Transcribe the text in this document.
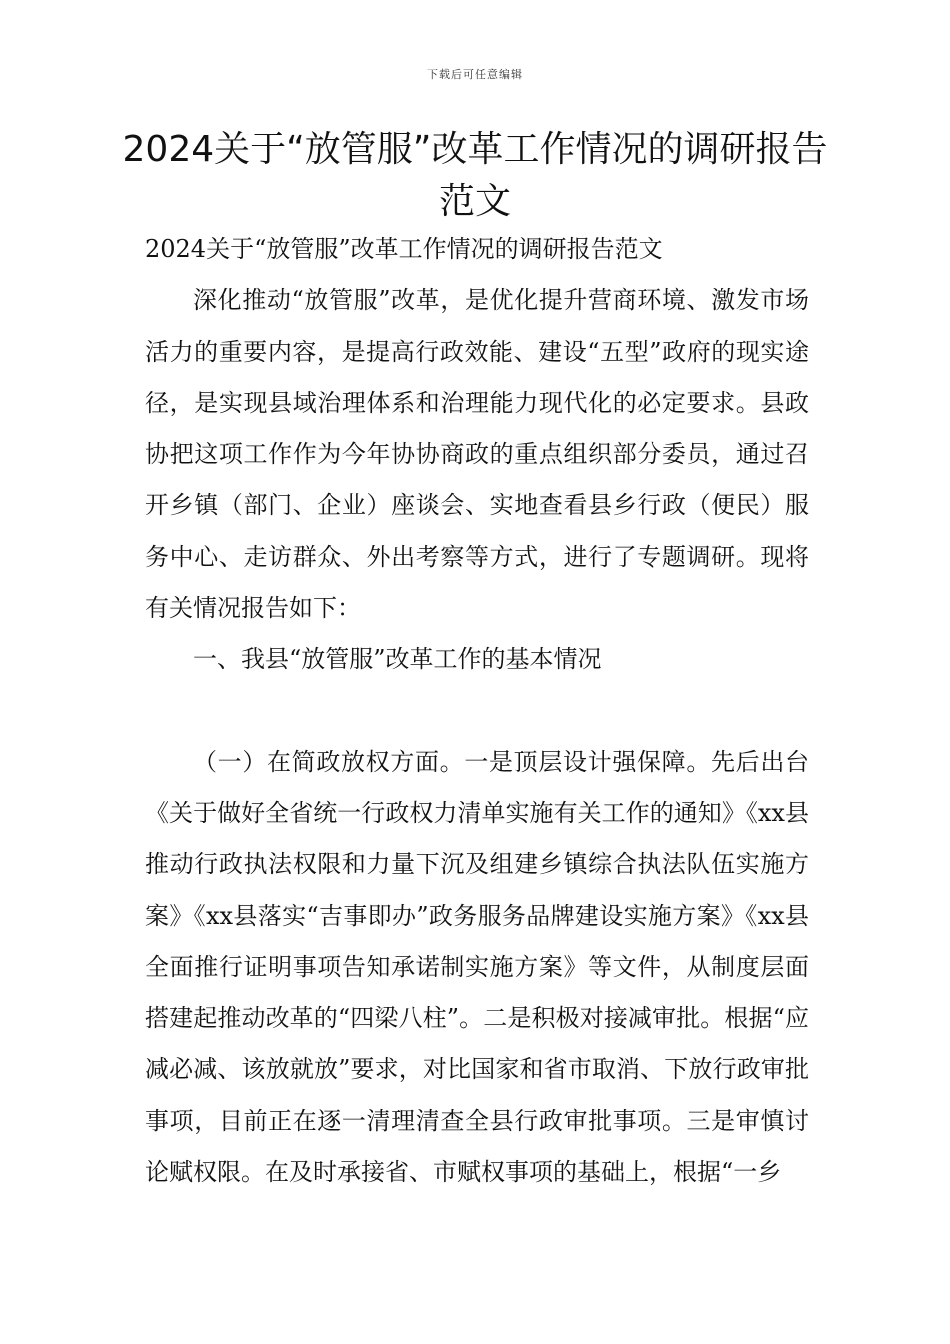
下载后可任意编辑
2024关于“放管服”改革工作情况的调研报告范文

2024关于“放管服”改革工作情况的调研报告范文

深化推动“放管服”改革，是优化提升营商环境、激发市场活力的重要内容，是提高行政效能、建设“五型”政府的现实途径，是实现县域治理体系和治理能力现代化的必定要求。县政协把这项工作作为今年协协商政的重点组织部分委员，通过召开乡镇（部门、企业）座谈会、实地查看县乡行政（便民）服务中心、走访群众、外出考察等方式，进行了专题调研。现将有关情况报告如下：

一、我县“放管服”改革工作的基本情况

（一）在简政放权方面。一是顶层设计强保障。先后出台《关于做好全省统一行政权力清单实施有关工作的通知》《xx县推动行政执法权限和力量下沉及组建乡镇综合执法队伍实施方案》《xx县落实“吉事即办”政务服务品牌建设实施方案》《xx县全面推行证明事项告知承诺制实施方案》等文件，从制度层面搭建起推动改革的“四梁八柱”。二是积极对接减审批。根据“应减必减、该放就放”要求，对比国家和省市取消、下放行政审批事项，目前正在逐一清理清查全县行政审批事项。三是审慎讨论赋权限。在及时承接省、市赋权事项的基础上，根据“一乡
